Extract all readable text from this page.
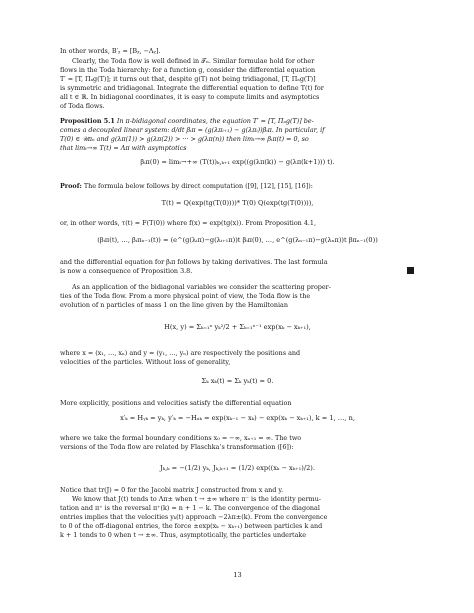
In other words, B′ᵪ = [Bᵪ, −Λᵪ].
Clearly, the Toda flow is well defined in 𝒯ₙ. Similar formulae hold for other
flows in the Toda hierarchy: for a function g, consider the differential equation
T′ = [T, Πₐg(T)]; it turns out that, despite g(T) not being tridiagonal, [T, Πₐg(T)]
is symmetric and tridiagonal. Integrate the differential equation to define T(t) for
all t ∈ ℝ. In bidiagonal coordinates, it is easy to compute limits and asymptotics
of Toda flows.
Proposition 5.1 In π-bidiagonal coordinates, the equation T′ = [T, Πₐg(T)] be-
comes a decoupled linear system: d/dt βᵢπ = (g(λπᵢ₊₁) − g(λπᵢ))βᵢπ. In particular, if
T(0) ∈ 𝒰πₙ and g(λπ(1)) > g(λπ(2)) > ··· > g(λπ(n)) then limₜ→∞ βᵢπ(t) = 0, so
that limₜ→∞ T(t) = Λπ with asymptotics
βᵢπ(0) = limₜ→+∞ (T(t))ₖ,ₖ₊₁ exp((g(λπ(k)) − g(λπ(k+1))) t).
Proof: The formula below follows by direct computation ([9], [12], [15], [16]):
T(t) = Q(exp(tg(T(0))))* T(0) Q(exp(tg(T(0)))),
or, in other words, τ(t) = F(T(0)) where f(x) = exp(tg(x)). From Proposition 4.1,
(βᵢπ(t), …, βᵢπₙ₋₁(t)) = (e^(g(λᵢπ)−g(λᵢ₊₁π))t βᵢπ(0), …, e^(g(λₙ₋₁π)−g(λₙπ))t βπₙ₋₁(0))
and the differential equation for βᵢπ follows by taking derivatives. The last formula
is now a consequence of Proposition 3.8.
As an application of the bidiagonal variables we consider the scattering proper-
ties of the Toda flow. From a more physical point of view, the Toda flow is the
evolution of n particles of mass 1 on the line given by the Hamiltonian
H(x, y) = Σₖ₌₁ⁿ yₖ²/2 + Σₖ₌₁ⁿ⁻¹ exp(xₖ − xₖ₊₁),
where x = (x₁, …, xₙ) and y = (y₁, …, yₙ) are respectively the positions and
velocities of the particles. Without loss of generality,
Σₖ xₖ(t) = Σₖ yₖ(t) = 0.
More explicitly, positions and velocities satisfy the differential equation
x′ₖ = Hᵧₖ = yₖ, y′ₖ = −Hₓₖ = exp(xₖ₋₁ − xₖ) − exp(xₖ − xₖ₊₁), k = 1, …, n,
where we take the formal boundary conditions x₀ = −∞, xₙ₊₁ = ∞. The two
versions of the Toda flow are related by Flaschka’s transformation ([6]):
Jₖ,ₖ = −(1/2) yₖ, Jₖ,ₖ₊₁ = (1/2) exp((xₖ − xₖ₊₁)/2).
Notice that tr(J) = 0 for the Jacobi matrix J constructed from x and y.
We know that J(t) tends to Λπ± when t → ±∞ where π⁻ is the identity permu-
tation and π⁺ is the reversal π⁺(k) = n + 1 − k. The convergence of the diagonal
entries implies that the velocities yₖ(t) approach −2λπ±(k). From the convergence
to 0 of the off-diagonal entries, the force ±exp(xₖ − xₖ₊₁) between particles k and
k + 1 tends to 0 when t → ±∞. Thus, asymptotically, the particles undertake
13
